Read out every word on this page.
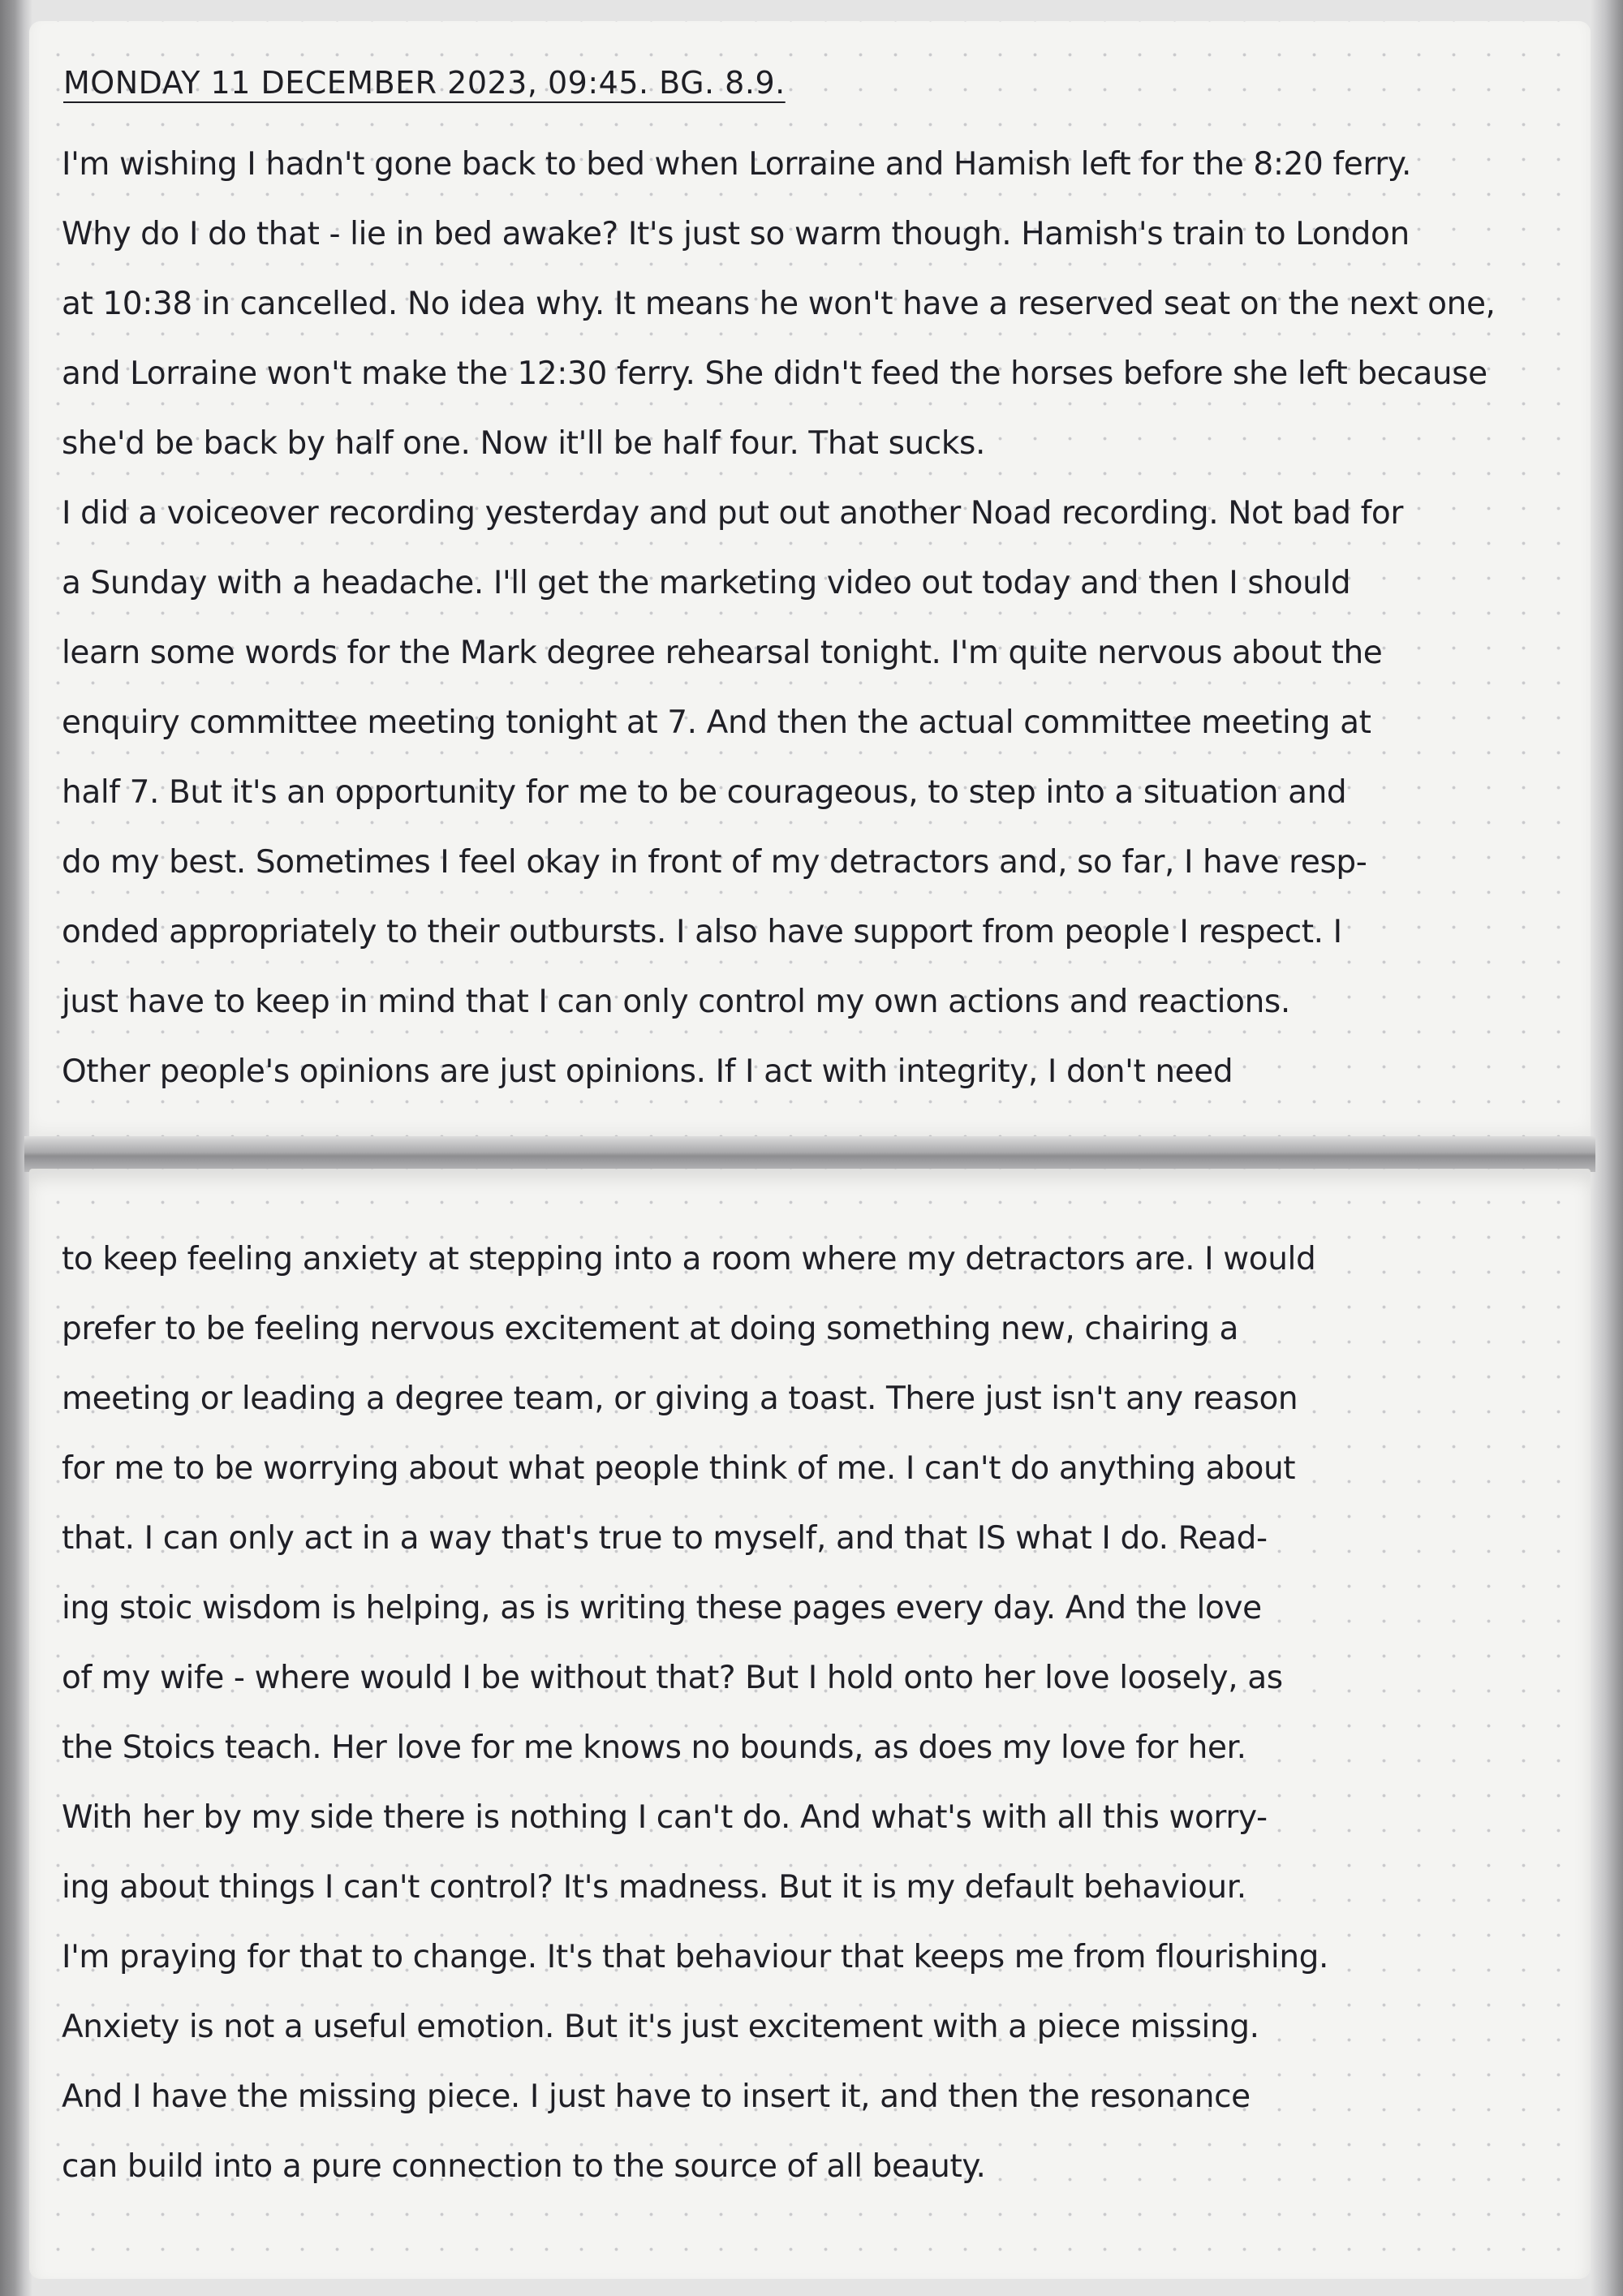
MONDAY 11 DECEMBER 2023, 09:45. BG. 8.9.
I'm wishing I hadn't gone back to bed when Lorraine and Hamish left for the 8:20 ferry.
Why do I do that - lie in bed awake? It's just so warm though. Hamish's train to London
at 10:38 in cancelled. No idea why. It means he won't have a reserved seat on the next one,
and Lorraine won't make the 12:30 ferry. She didn't feed the horses before she left because
she'd be back by half one. Now it'll be half four. That sucks.
I did a voiceover recording yesterday and put out another Noad recording. Not bad for
a Sunday with a headache. I'll get the marketing video out today and then I should
learn some words for the Mark degree rehearsal tonight. I'm quite nervous about the
enquiry committee meeting tonight at 7. And then the actual committee meeting at
half 7. But it's an opportunity for me to be courageous, to step into a situation and
do my best. Sometimes I feel okay in front of my detractors and, so far, I have resp-
onded appropriately to their outbursts. I also have support from people I respect. I
just have to keep in mind that I can only control my own actions and reactions.
Other people's opinions are just opinions. If I act with integrity, I don't need
to keep feeling anxiety at stepping into a room where my detractors are. I would
prefer to be feeling nervous excitement at doing something new, chairing a
meeting or leading a degree team, or giving a toast. There just isn't any reason
for me to be worrying about what people think of me. I can't do anything about
that. I can only act in a way that's true to myself, and that IS what I do. Read-
ing stoic wisdom is helping, as is writing these pages every day. And the love
of my wife - where would I be without that? But I hold onto her love loosely, as
the Stoics teach. Her love for me knows no bounds, as does my love for her.
With her by my side there is nothing I can't do. And what's with all this worry-
ing about things I can't control? It's madness. But it is my default behaviour.
I'm praying for that to change. It's that behaviour that keeps me from flourishing.
Anxiety is not a useful emotion. But it's just excitement with a piece missing.
And I have the missing piece. I just have to insert it, and then the resonance
can build into a pure connection to the source of all beauty.
